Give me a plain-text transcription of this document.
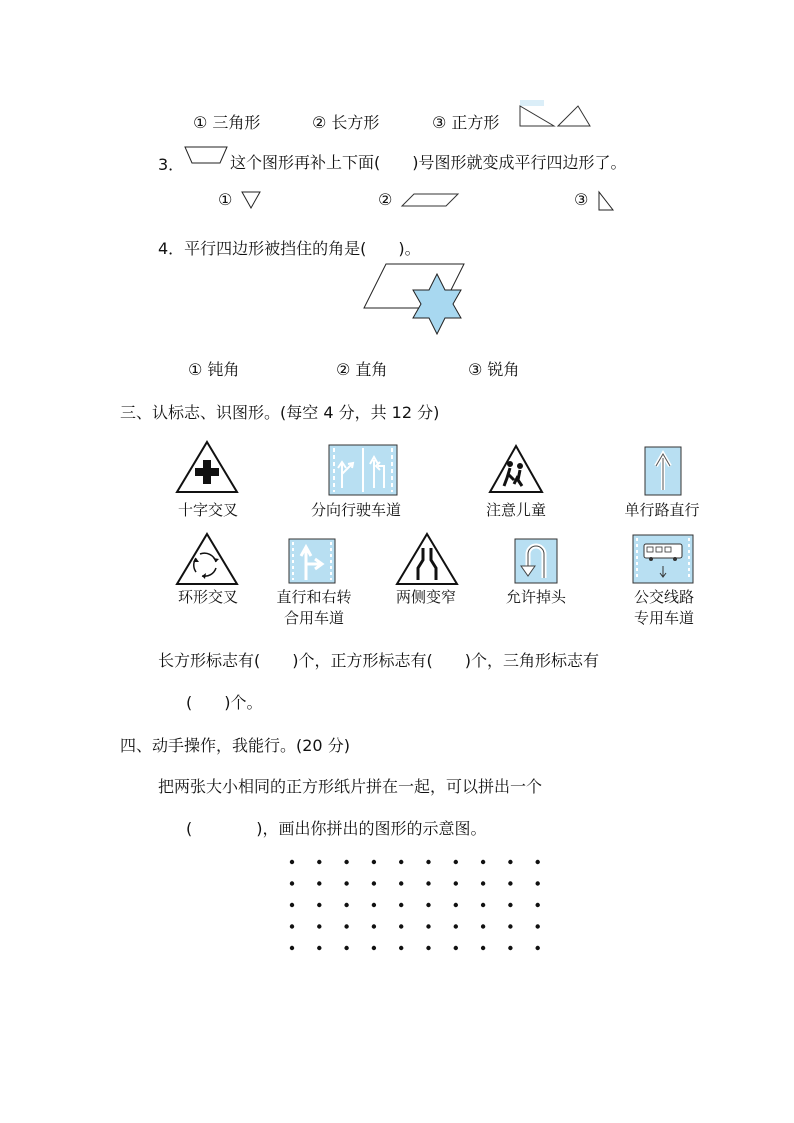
① 三角形	② 长方形	③ 正方形
3．	这个图形再补上下面(　　)号图形就变成平行四边形了。
①	②	③
4．平行四边形被挡住的角是(　　)。
① 钝角	② 直角	③ 锐角
三、认标志、识图形。(每空 4 分，共 12 分)
十字交叉	分向行驶车道	注意儿童	单行路直行
环形交叉	直行和右转
合用车道
两侧变窄	允许掉头	公交线路
专用车道
长方形标志有(　　)个，正方形标志有(　　)个，三角形标志有
(　　)个。
四、动手操作，我能行。(20 分)
把两张大小相同的正方形纸片拼在一起，可以拼出一个
(　　　　)，画出你拼出的图形的示意图。
